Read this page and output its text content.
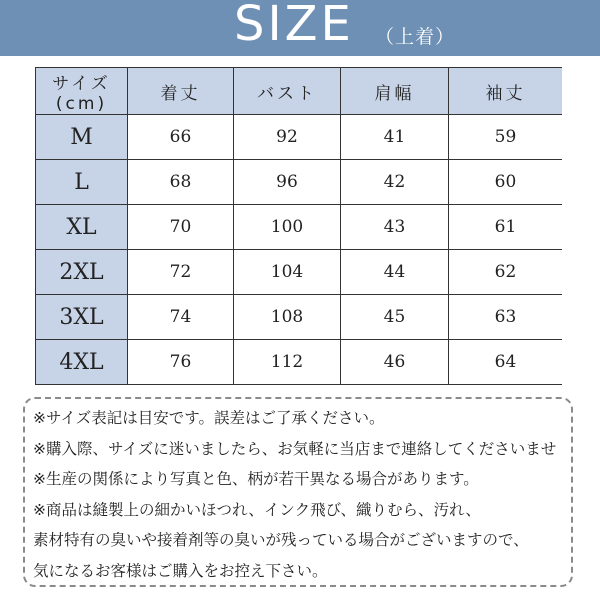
SIZE （上着）
サイズ(cm)	着丈	バスト	肩幅	袖丈
M	66	92	41	59
L	68	96	42	60
XL	70	100	43	61
2XL	72	104	44	62
3XL	74	108	45	63
4XL	76	112	46	64
※サイズ表記は目安です。誤差はご了承ください。
※購入際、サイズに迷いましたら、お気軽に当店まで連絡してくださいませ
※生産の関係により写真と色、柄が若干異なる場合があります。
※商品は縫製上の細かいほつれ、インク飛び、織りむら、汚れ、
素材特有の臭いや接着剤等の臭いが残っている場合がございますので、
気になるお客様はご購入をお控え下さい。
